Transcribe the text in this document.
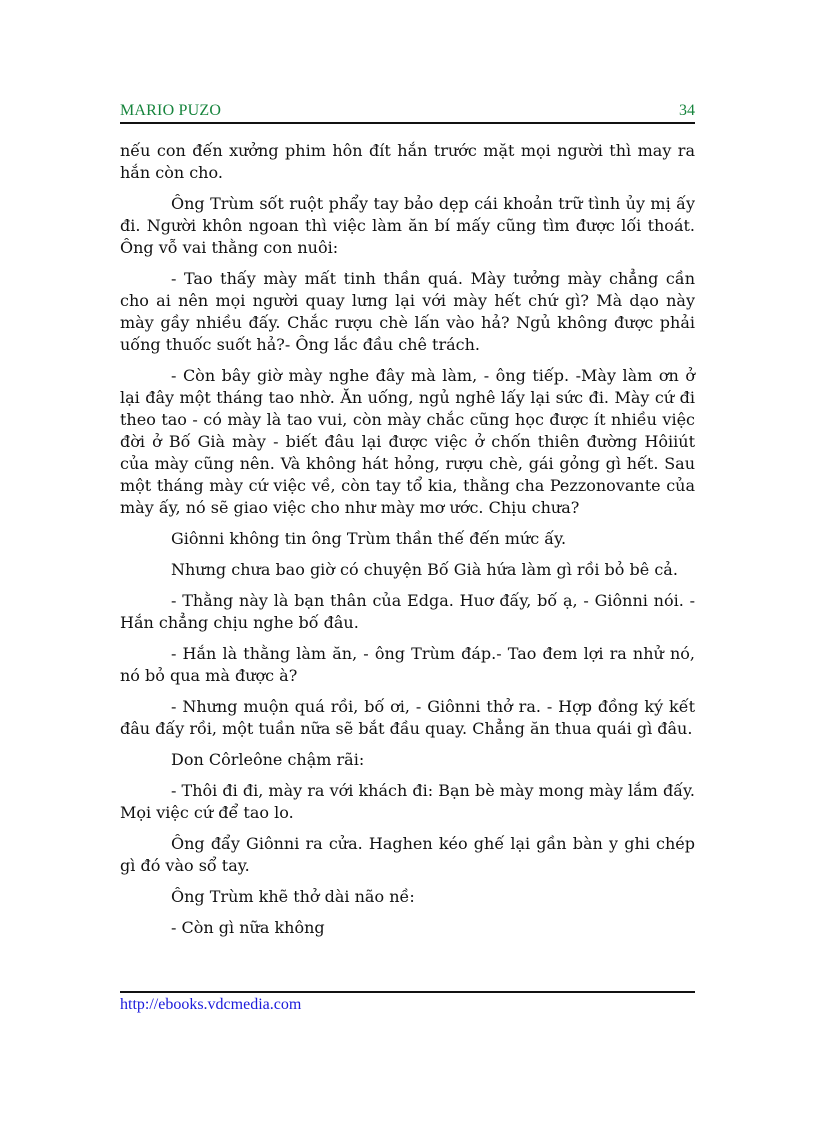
MARIO PUZO	34

nếu con đến xưởng phim hôn đít hắn trước mặt mọi người thì may ra hắn còn cho.

Ông Trùm sốt ruột phẩy tay bảo dẹp cái khoản trữ tình ủy mị ấy đi. Người khôn ngoan thì việc làm ăn bí mấy cũng tìm được lối thoát. Ông vỗ vai thằng con nuôi:

- Tao thấy mày mất tinh thần quá. Mày tưởng mày chẳng cần cho ai nên mọi người quay lưng lại với mày hết chứ gì? Mà dạo này mày gầy nhiều đấy. Chắc rượu chè lấn vào hả? Ngủ không được phải uống thuốc suốt hả?- Ông lắc đầu chê trách.

- Còn bây giờ mày nghe đây mà làm, - ông tiếp. -Mày làm ơn ở lại đây một tháng tao nhờ. Ăn uống, ngủ nghê lấy lại sức đi. Mày cứ đi theo tao - có mày là tao vui, còn mày chắc cũng học được ít nhiều việc đời ở Bố Già mày - biết đâu lại được việc ở chốn thiên đường Hôiiút của mày cũng nên. Và không hát hỏng, rượu chè, gái gỏng gì hết. Sau một tháng mày cứ việc về, còn tay tổ kia, thằng cha Pezzonovante của mày ấy, nó sẽ giao việc cho như mày mơ ước. Chịu chưa?

Giônni không tin ông Trùm thần thế đến mức ấy.

Nhưng chưa bao giờ có chuyện Bố Già hứa làm gì rồi bỏ bê cả.

- Thằng này là bạn thân của Edga. Huơ đấy, bố ạ, - Giônni nói. - Hắn chẳng chịu nghe bố đâu.

- Hắn là thằng làm ăn, - ông Trùm đáp.- Tao đem lợi ra nhử nó, nó bỏ qua mà được à?

- Nhưng muộn quá rồi, bố ơi, - Giônni thở ra. - Hợp đồng ký kết đâu đấy rồi, một tuần nữa sẽ bắt đầu quay. Chẳng ăn thua quái gì đâu.

Don Côrleône chậm rãi:

- Thôi đi đi, mày ra với khách đi: Bạn bè mày mong mày lắm đấy. Mọi việc cứ để tao lo.

Ông đẩy Giônni ra cửa. Haghen kéo ghế lại gần bàn y ghi chép gì đó vào sổ tay.

Ông Trùm khẽ thở dài não nề:

- Còn gì nữa không

http://ebooks.vdcmedia.com
